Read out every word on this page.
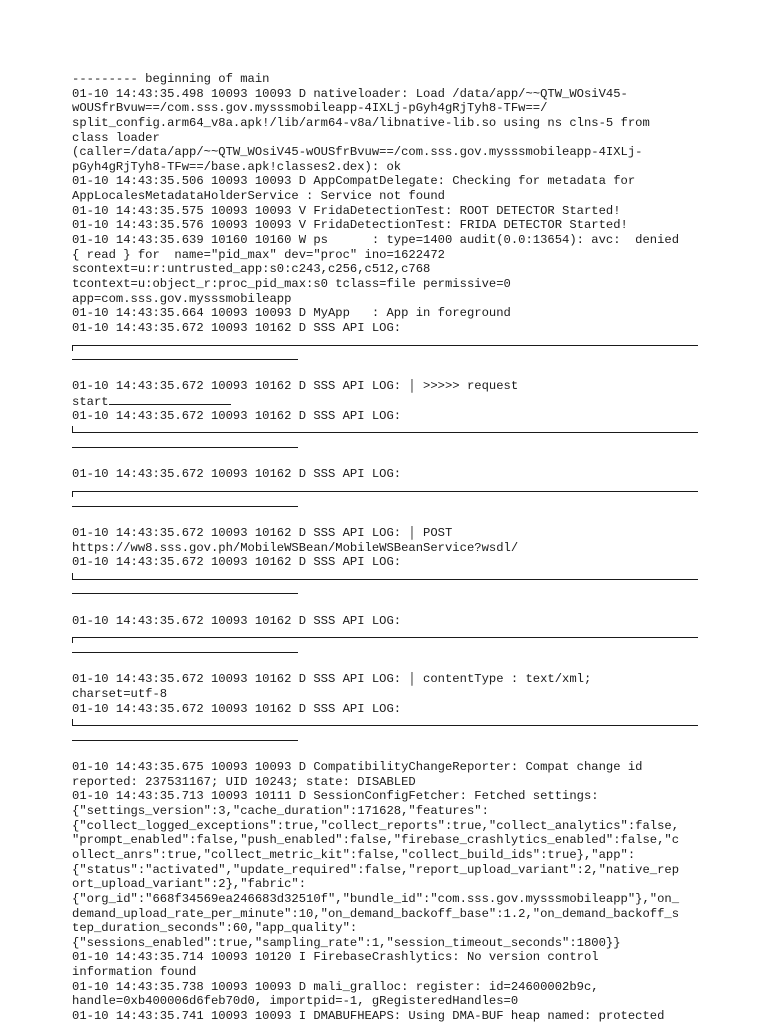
--------- beginning of main
01-10 14:43:35.498 10093 10093 D nativeloader: Load /data/app/~~QTW_WOsiV45-
wOUSfrBvuw==/com.sss.gov.mysssmobileapp-4IXLj-pGyh4gRjTyh8-TFw==/
split_config.arm64_v8a.apk!/lib/arm64-v8a/libnative-lib.so using ns clns-5 from
class loader
(caller=/data/app/~~QTW_WOsiV45-wOUSfrBvuw==/com.sss.gov.mysssmobileapp-4IXLj-
pGyh4gRjTyh8-TFw==/base.apk!classes2.dex): ok
01-10 14:43:35.506 10093 10093 D AppCompatDelegate: Checking for metadata for
AppLocalesMetadataHolderService : Service not found
01-10 14:43:35.575 10093 10093 V FridaDetectionTest: ROOT DETECTOR Started!
01-10 14:43:35.576 10093 10093 V FridaDetectionTest: FRIDA DETECTOR Started!
01-10 14:43:35.639 10160 10160 W ps      : type=1400 audit(0.0:13654): avc:  denied
{ read } for  name="pid_max" dev="proc" ino=1622472
scontext=u:r:untrusted_app:s0:c243,c256,c512,c768
tcontext=u:object_r:proc_pid_max:s0 tclass=file permissive=0
app=com.sss.gov.mysssmobileapp
01-10 14:43:35.664 10093 10093 D MyApp   : App in foreground
01-10 14:43:35.672 10093 10162 D SSS API LOG:
01-10 14:43:35.672 10093 10162 D SSS API LOG: │ >>>>> request
start
01-10 14:43:35.672 10093 10162 D SSS API LOG:
01-10 14:43:35.672 10093 10162 D SSS API LOG:
01-10 14:43:35.672 10093 10162 D SSS API LOG: │ POST
https://ww8.sss.gov.ph/MobileWSBean/MobileWSBeanService?wsdl/
01-10 14:43:35.672 10093 10162 D SSS API LOG:
01-10 14:43:35.672 10093 10162 D SSS API LOG:
01-10 14:43:35.672 10093 10162 D SSS API LOG: │ contentType : text/xml;
charset=utf-8
01-10 14:43:35.672 10093 10162 D SSS API LOG:
01-10 14:43:35.675 10093 10093 D CompatibilityChangeReporter: Compat change id
reported: 237531167; UID 10243; state: DISABLED
01-10 14:43:35.713 10093 10111 D SessionConfigFetcher: Fetched settings:
{"settings_version":3,"cache_duration":171628,"features":
{"collect_logged_exceptions":true,"collect_reports":true,"collect_analytics":false,
"prompt_enabled":false,"push_enabled":false,"firebase_crashlytics_enabled":false,"c
ollect_anrs":true,"collect_metric_kit":false,"collect_build_ids":true},"app":
{"status":"activated","update_required":false,"report_upload_variant":2,"native_rep
ort_upload_variant":2},"fabric":
{"org_id":"668f34569ea246683d32510f","bundle_id":"com.sss.gov.mysssmobileapp"},"on_
demand_upload_rate_per_minute":10,"on_demand_backoff_base":1.2,"on_demand_backoff_s
tep_duration_seconds":60,"app_quality":
{"sessions_enabled":true,"sampling_rate":1,"session_timeout_seconds":1800}}
01-10 14:43:35.714 10093 10120 I FirebaseCrashlytics: No version control
information found
01-10 14:43:35.738 10093 10093 D mali_gralloc: register: id=24600002b9c,
handle=0xb400006d6feb70d0, importpid=-1, gRegisteredHandles=0
01-10 14:43:35.741 10093 10093 I DMABUFHEAPS: Using DMA-BUF heap named: protected
